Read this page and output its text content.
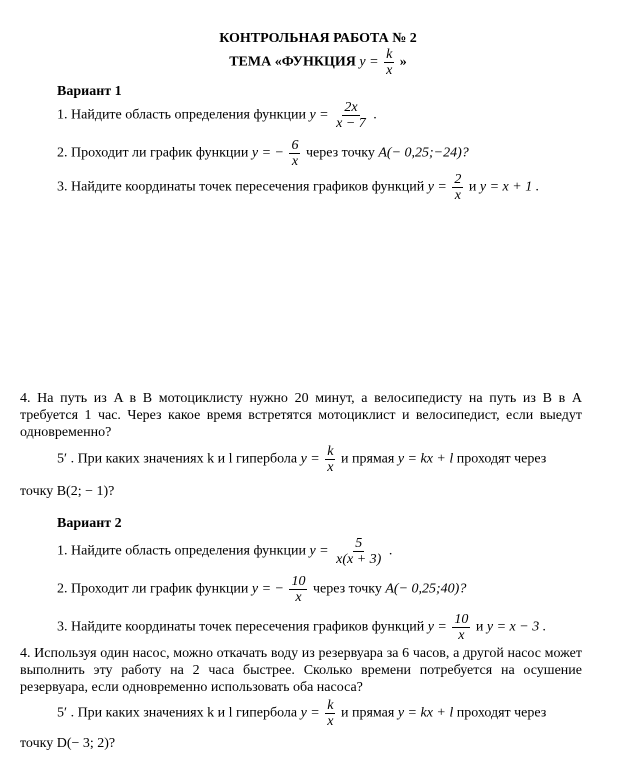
КОНТРОЛЬНАЯ РАБОТА № 2
ТЕМА «ФУНКЦИЯ $y = \frac{k}{x}$ »
Вариант 1
1. Найдите область определения функции $y = \frac{2x}{x - 7}$ .
2. Проходит ли график функции y = − $\frac{6}{x}$ через точку A(− 0,25;−24)?
3. Найдите координаты точек пересечения графиков функций $y = \frac{2}{x}$ и y = x + 1 .
4. На путь из A в B мотоциклисту нужно 20 минут, а велосипедисту на путь из B в A требуется 1 час. Через какое время встретятся мотоциклист и велосипедист, если выедут одновременно?
5′ . При каких значениях k и l гипербола $y = \frac{k}{x}$ и прямая y = kx + l проходят через
точку B(2; − 1)?
Вариант 2
1. Найдите область определения функции $y = \frac{5}{x(x + 3)}$ .
2. Проходит ли график функции y = − $\frac{10}{x}$ через точку A(− 0,25;40)?
3. Найдите координаты точек пересечения графиков функций $y = \frac{10}{x}$ и y = x − 3 .
4. Используя один насос, можно откачать воду из резервуара за 6 часов, а другой насос может выполнить эту работу на 2 часа быстрее. Сколько времени потребуется на осушение резервуара, если одновременно использовать оба насоса?
5′ . При каких значениях k и l гипербола $y = \frac{k}{x}$ и прямая y = kx + l проходят через
точку D(− 3; 2)?
